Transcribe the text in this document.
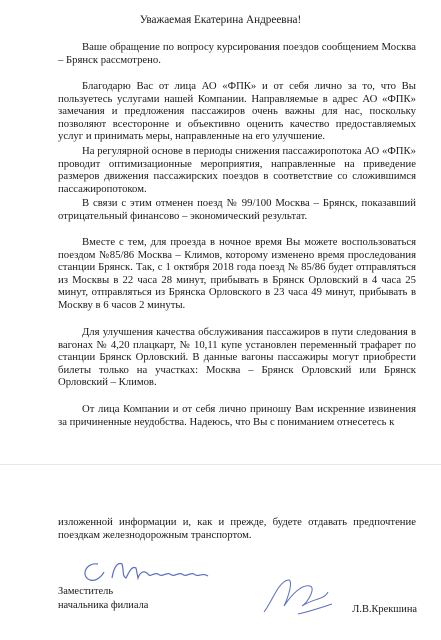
Уважаемая Екатерина Андреевна!

Ваше обращение по вопросу курсирования поездов сообщением Москва – Брянск рассмотрено.

Благодарю Вас от лица АО «ФПК» и от себя лично за то, что Вы пользуетесь услугами нашей Компании. Направляемые в адрес АО «ФПК» замечания и предложения пассажиров очень важны для нас, поскольку позволяют всесторонне и объективно оценить качество предоставляемых услуг и принимать меры, направленные на его улучшение.

На регулярной основе в периоды снижения пассажиропотока АО «ФПК» проводит оптимизационные мероприятия, направленные на приведение размеров движения пассажирских поездов в соответствие со сложившимся пассажиропотоком.

В связи с этим отменен поезд № 99/100 Москва – Брянск, показавший отрицательный финансово – экономический результат.

Вместе с тем, для проезда в ночное время Вы можете воспользоваться поездом №85/86 Москва – Климов, которому изменено время проследования станции Брянск. Так, с 1 октября 2018 года поезд № 85/86 будет отправляться из Москвы в 22 часа 28 минут, прибывать в Брянск Орловский в 4 часа 25 минут, отправляться из Брянска Орловского в 23 часа 49 минут, прибывать в Москву в 6 часов 2 минуты.

Для улучшения качества обслуживания пассажиров в пути следования в вагонах № 4,20 плацкарт, № 10,11 купе установлен переменный трафарет по станции Брянск Орловский. В данные вагоны пассажиры могут приобрести билеты только на участках: Москва – Брянск Орловский или Брянск Орловский – Климов.

От лица Компании и от себя лично приношу Вам искренние извинения за причиненные неудобства. Надеюсь, что Вы с пониманием отнесетесь к

изложенной информации и, как и прежде, будете отдавать предпочтение поездкам железнодорожным транспортом.

Заместитель
начальника филиала	Л.В.Крекшина
